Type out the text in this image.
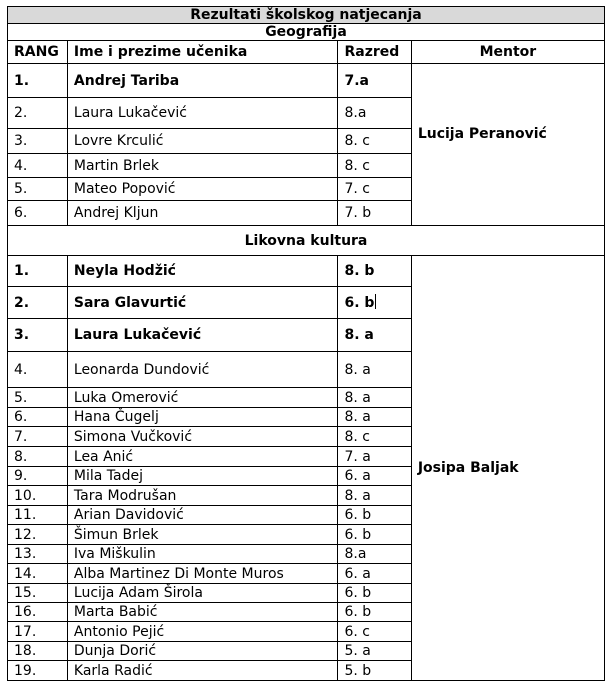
Rezultati školskog natjecanja			
Geografija			
RANG	Ime i prezime učenika	Razred	Mentor
1.	Andrej Tariba	7.a	Lucija Peranović
2.	Laura Lukačević	8.a	
3.	Lovre Krculić	8. c	
4.	Martin Brlek	8. c	
5.	Mateo Popović	7. c	
6.	Andrej Kljun	7. b	
Likovna kultura			
1.	Neyla Hodžić	8. b	Josipa Baljak
2.	Sara Glavurtić	6. b	
3.	Laura Lukačević	8. a	
4.	Leonarda Dundović	8. a	
5.	Luka Omerović	8. a	
6.	Hana Čugelj	8. a	
7.	Simona Vučković	8. c	
8.	Lea Anić	7. a	
9.	Mila Tadej	6. a	
10.	Tara Modrušan	8. a	
11.	Arian Davidović	6. b	
12.	Šimun Brlek	6. b	
13.	Iva Miškulin	8.a	
14.	Alba Martinez Di Monte Muros	6. a	
15.	Lucija Adam Širola	6. b	
16.	Marta Babić	6. b	
17.	Antonio Pejić	6. c	
18.	Dunja Dorić	5. a	
19.	Karla Radić	5. b	
